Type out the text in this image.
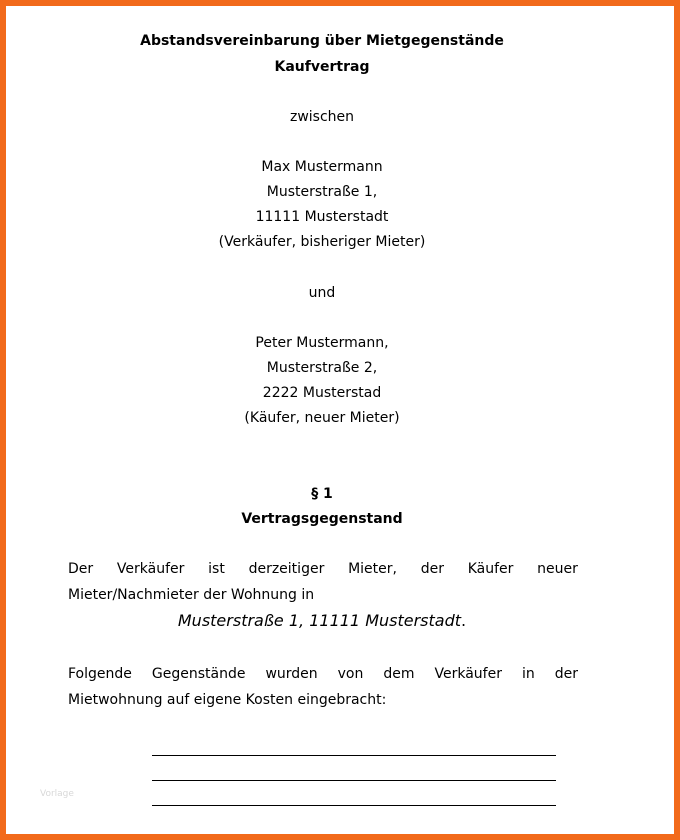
Abstandsvereinbarung über Mietgegenstände
Kaufvertrag
zwischen
Max Mustermann
Musterstraße 1,
11111 Musterstadt
(Verkäufer, bisheriger Mieter)
und
Peter Mustermann,
Musterstraße 2,
2222 Musterstad
(Käufer, neuer Mieter)
§ 1
Vertragsgegenstand
Der Verkäufer ist derzeitiger Mieter, der Käufer neuer
Mieter/Nachmieter der Wohnung in
Musterstraße 1, 11111 Musterstadt.
Folgende Gegenstände wurden von dem Verkäufer in der
Mietwohnung auf eigene Kosten eingebracht:
Vorlage
